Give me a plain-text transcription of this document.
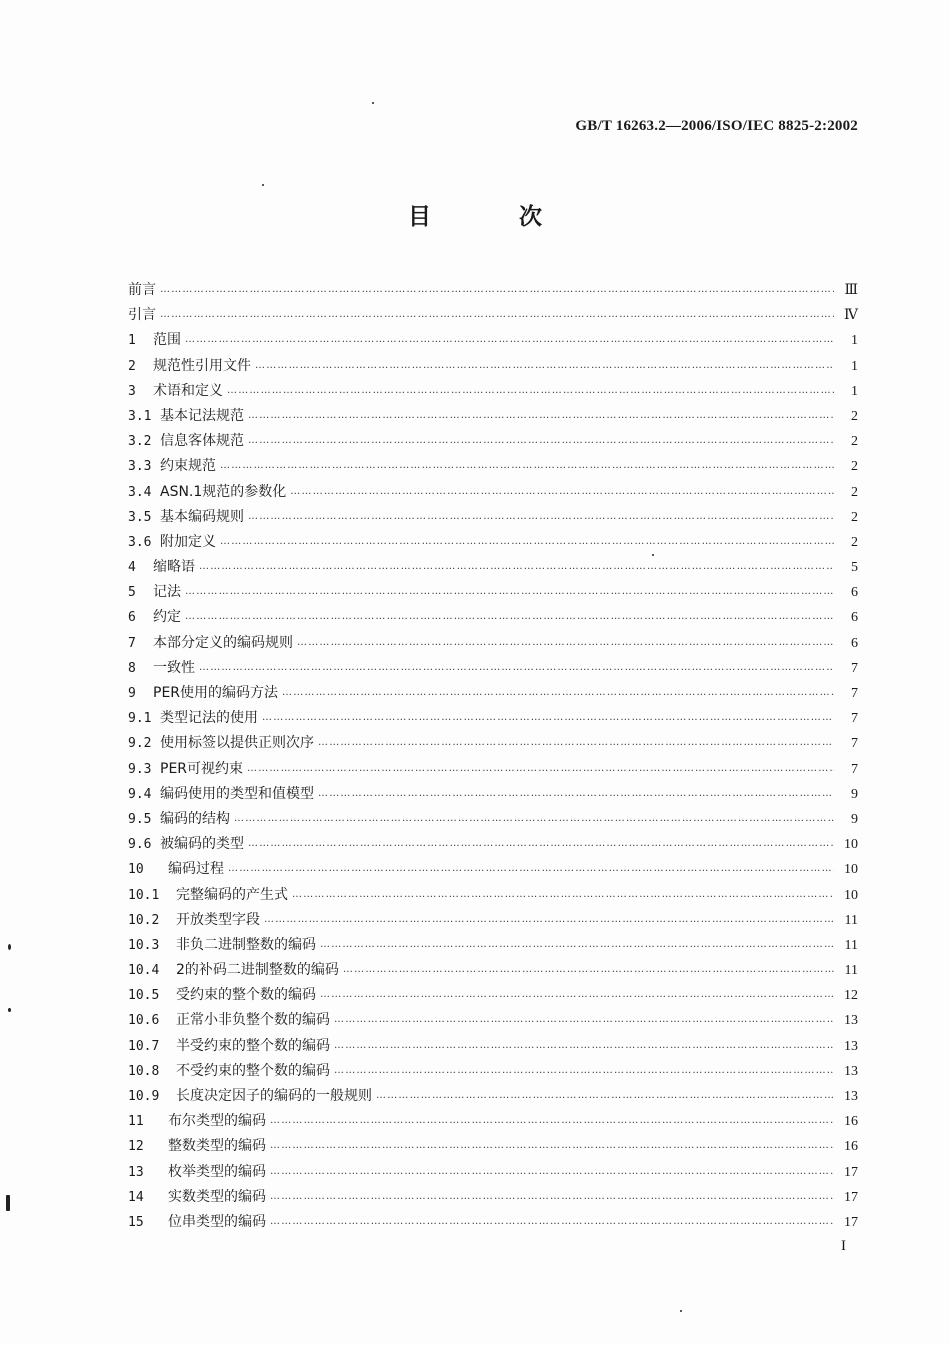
GB/T 16263.2—2006/ISO/IEC 8825-2:2002
目 次
前言 ……………………………………………………………………………………………………………………………………………………………………………………………………………………………………………………	Ⅲ
引言 ……………………………………………………………………………………………………………………………………………………………………………………………………………………………………………………	Ⅳ
1	范围 ……………………………………………………………………………………………………………………………………………………………………………………………………………………………………………………	1
2	规范性引用文件 ……………………………………………………………………………………………………………………………………………………………………………………………………………………………………………………	1
3	术语和定义 ……………………………………………………………………………………………………………………………………………………………………………………………………………………………………………………	1
3.1 基本记法规范 ……………………………………………………………………………………………………………………………………………………………………………………………………………………………………………………	2
3.2 信息客体规范 ……………………………………………………………………………………………………………………………………………………………………………………………………………………………………………………	2
3.3 约束规范 ……………………………………………………………………………………………………………………………………………………………………………………………………………………………………………………	2
3.4 ASN.1规范的参数化 ……………………………………………………………………………………………………………………………………………………………………………………………………………………………………………………	2
3.5 基本编码规则 ……………………………………………………………………………………………………………………………………………………………………………………………………………………………………………………	2
3.6 附加定义 ……………………………………………………………………………………………………………………………………………………………………………………………………………………………………………………	2
4	缩略语 ……………………………………………………………………………………………………………………………………………………………………………………………………………………………………………………	5
5	记法 ……………………………………………………………………………………………………………………………………………………………………………………………………………………………………………………	6
6	约定 ……………………………………………………………………………………………………………………………………………………………………………………………………………………………………………………	6
7	本部分定义的编码规则 ……………………………………………………………………………………………………………………………………………………………………………………………………………………………………………………	6
8	一致性 ……………………………………………………………………………………………………………………………………………………………………………………………………………………………………………………	7
9	PER使用的编码方法 ……………………………………………………………………………………………………………………………………………………………………………………………………………………………………………………	7
9.1 类型记法的使用 ……………………………………………………………………………………………………………………………………………………………………………………………………………………………………………………	7
9.2 使用标签以提供正则次序 ……………………………………………………………………………………………………………………………………………………………………………………………………………………………………………………	7
9.3 PER可视约束 ……………………………………………………………………………………………………………………………………………………………………………………………………………………………………………………	7
9.4 编码使用的类型和值模型 ……………………………………………………………………………………………………………………………………………………………………………………………………………………………………………………	9
9.5 编码的结构 ……………………………………………………………………………………………………………………………………………………………………………………………………………………………………………………	9
9.6 被编码的类型 ……………………………………………………………………………………………………………………………………………………………………………………………………………………………………………………	10
10	编码过程 ……………………………………………………………………………………………………………………………………………………………………………………………………………………………………………………	10
10.1	完整编码的产生式 ……………………………………………………………………………………………………………………………………………………………………………………………………………………………………………………	10
10.2	开放类型字段 ……………………………………………………………………………………………………………………………………………………………………………………………………………………………………………………	11
10.3	非负二进制整数的编码 ……………………………………………………………………………………………………………………………………………………………………………………………………………………………………………………	11
10.4	2的补码二进制整数的编码 ……………………………………………………………………………………………………………………………………………………………………………………………………………………………………………………	11
10.5	受约束的整个数的编码 ……………………………………………………………………………………………………………………………………………………………………………………………………………………………………………………	12
10.6	正常小非负整个数的编码 ……………………………………………………………………………………………………………………………………………………………………………………………………………………………………………………	13
10.7	半受约束的整个数的编码 ……………………………………………………………………………………………………………………………………………………………………………………………………………………………………………………	13
10.8	不受约束的整个数的编码 ……………………………………………………………………………………………………………………………………………………………………………………………………………………………………………………	13
10.9	长度决定因子的编码的一般规则 ……………………………………………………………………………………………………………………………………………………………………………………………………………………………………………………	13
11	布尔类型的编码 ……………………………………………………………………………………………………………………………………………………………………………………………………………………………………………………	16
12	整数类型的编码 ……………………………………………………………………………………………………………………………………………………………………………………………………………………………………………………	16
13	枚举类型的编码 ……………………………………………………………………………………………………………………………………………………………………………………………………………………………………………………	17
14	实数类型的编码 ……………………………………………………………………………………………………………………………………………………………………………………………………………………………………………………	17
15	位串类型的编码 ……………………………………………………………………………………………………………………………………………………………………………………………………………………………………………………	17
I
